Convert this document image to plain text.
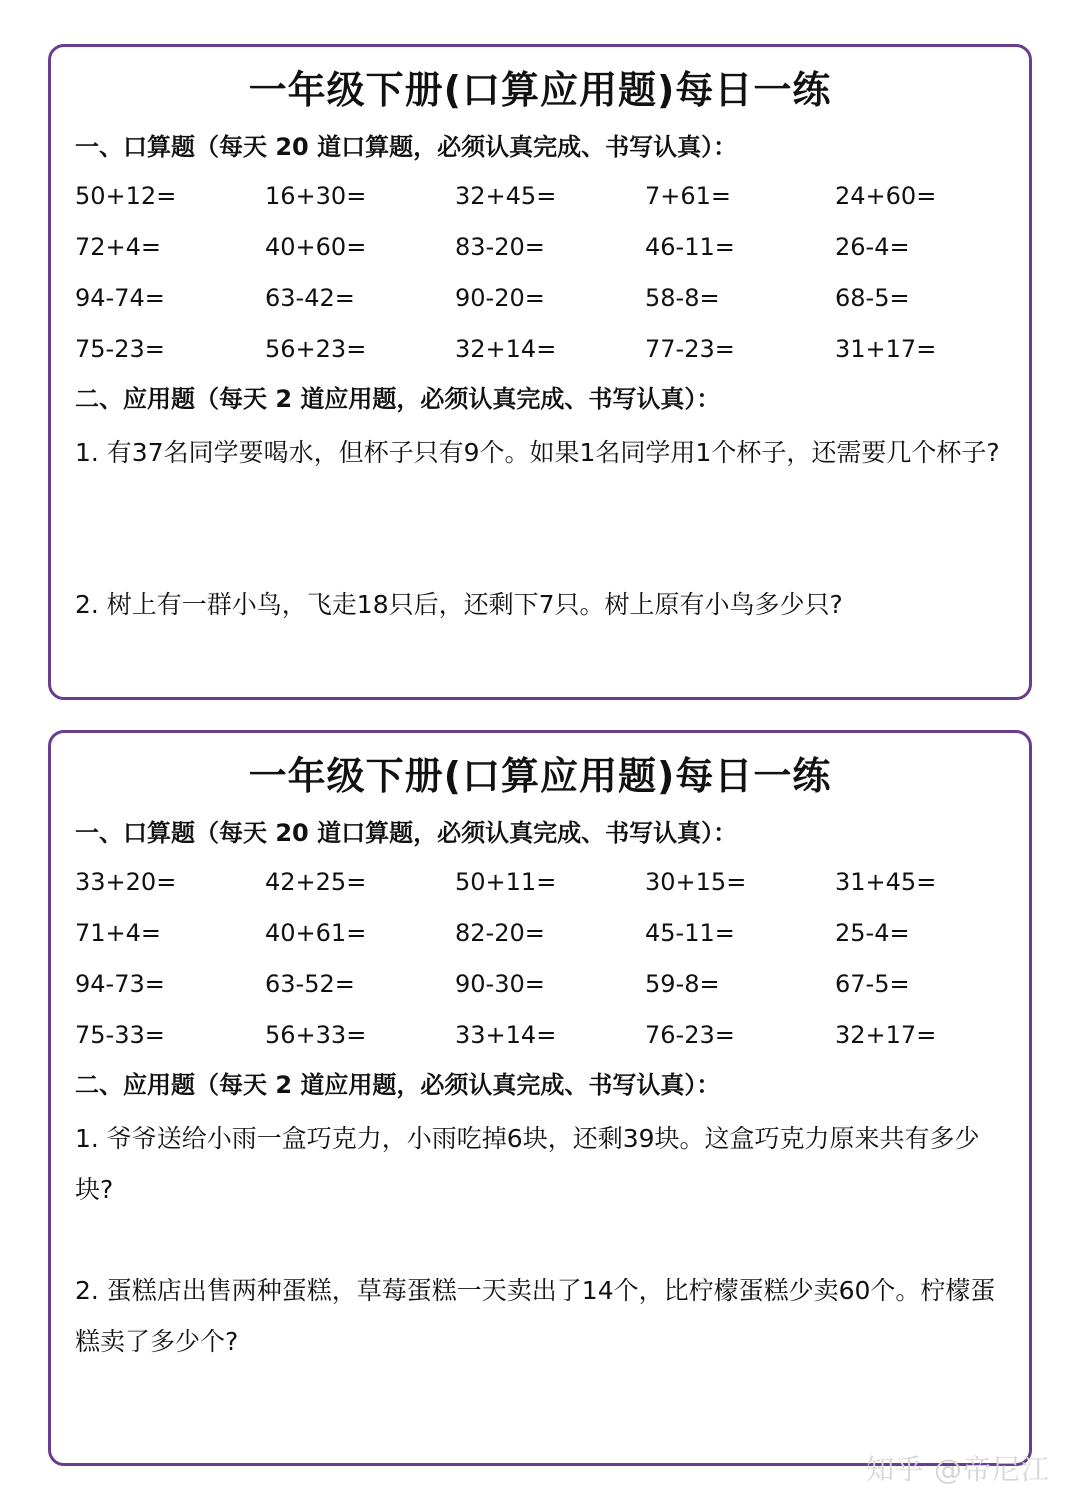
一年级下册(口算应用题)每日一练
一、口算题（每天 20 道口算题，必须认真完成、书写认真）：
50+12=	16+30=	32+45=	7+61=	24+60=
72+4=	40+60=	83-20=	46-11=	26-4=
94-74=	63-42=	90-20=	58-8=	68-5=
75-23=	56+23=	32+14=	77-23=	31+17=
二、应用题（每天 2 道应用题，必须认真完成、书写认真）：
1. 有37名同学要喝水，但杯子只有9个。如果1名同学用1个杯子，还需要几个杯子?
2. 树上有一群小鸟，飞走18只后，还剩下7只。树上原有小鸟多少只?
一年级下册(口算应用题)每日一练
一、口算题（每天 20 道口算题，必须认真完成、书写认真）：
33+20=	42+25=	50+11=	30+15=	31+45=
71+4=	40+61=	82-20=	45-11=	25-4=
94-73=	63-52=	90-30=	59-8=	67-5=
75-33=	56+33=	33+14=	76-23=	32+17=
二、应用题（每天 2 道应用题，必须认真完成、书写认真）：
1. 爷爷送给小雨一盒巧克力，小雨吃掉6块，还剩39块。这盒巧克力原来共有多少块?
2. 蛋糕店出售两种蛋糕，草莓蛋糕一天卖出了14个，比柠檬蛋糕少卖60个。柠檬蛋糕卖了多少个?
知乎 @帝尼江
